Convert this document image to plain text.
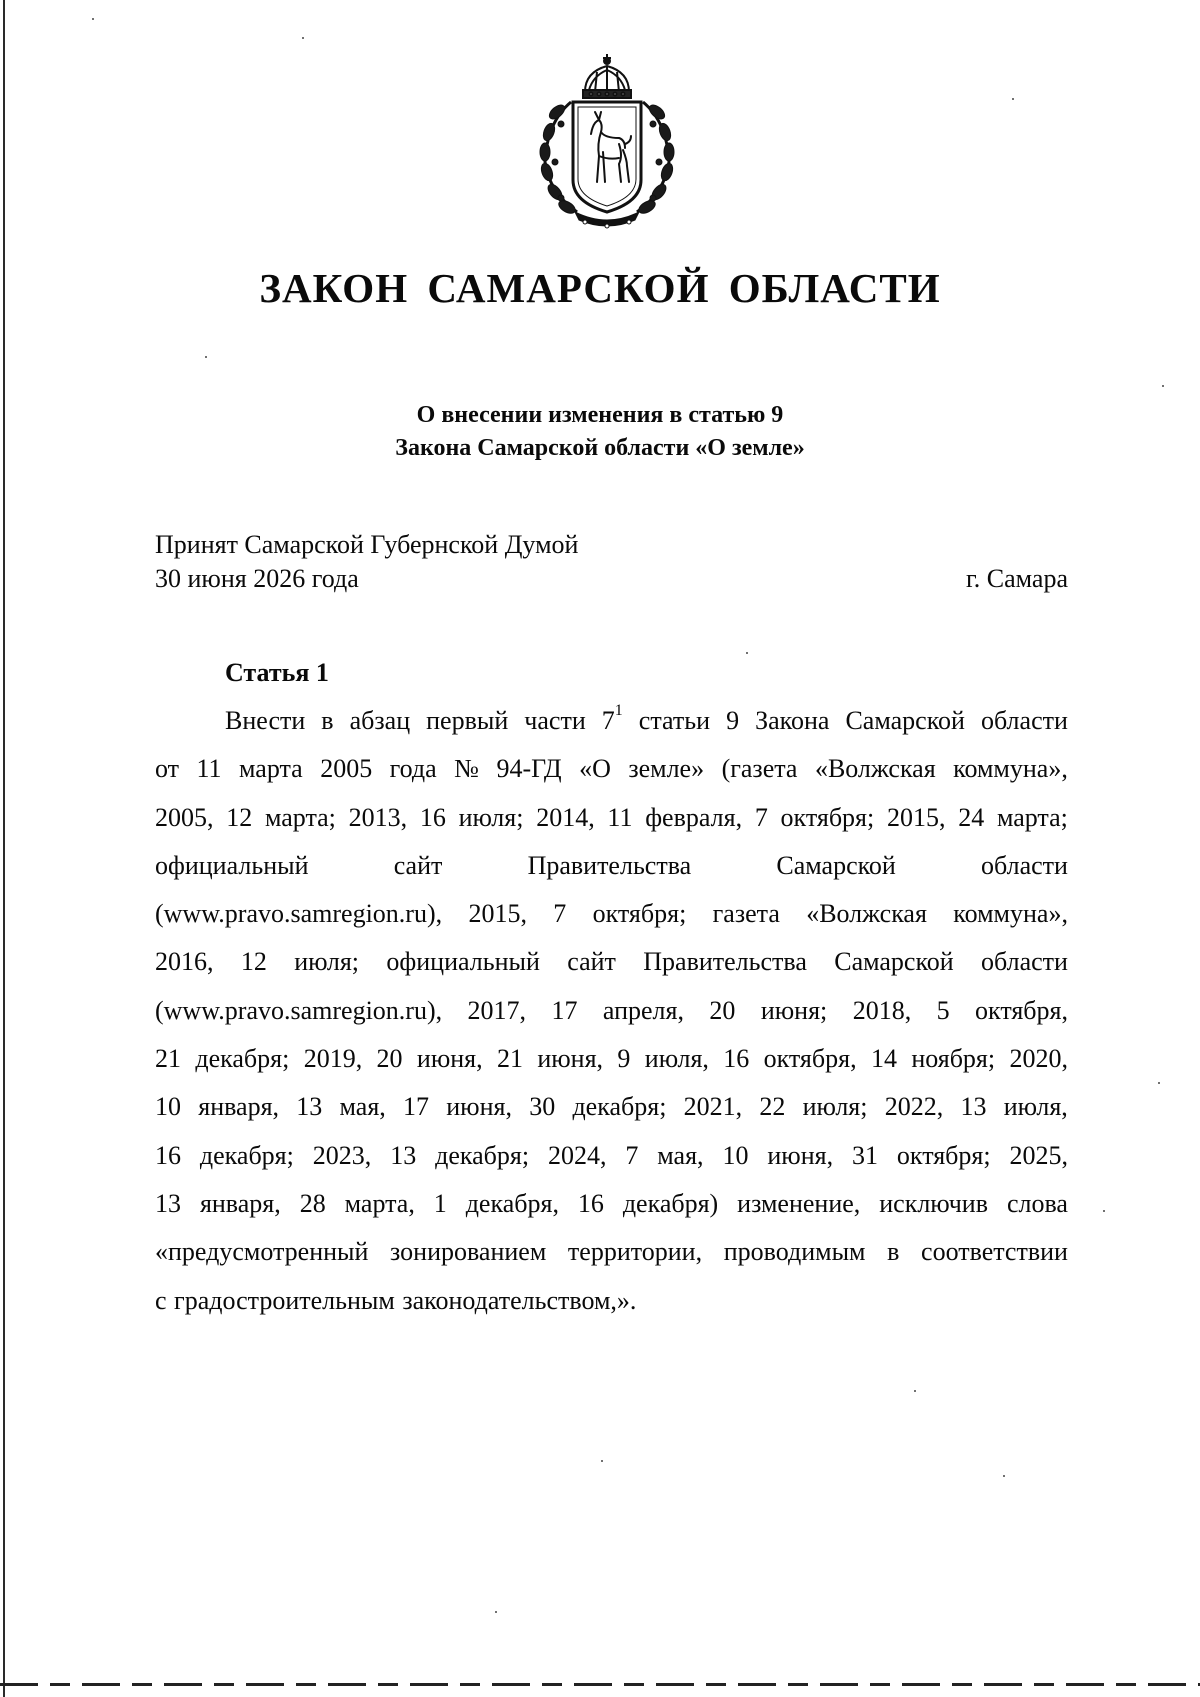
ЗАКОН САМАРСКОЙ ОБЛАСТИ
О внесении изменения в статью 9
Закона Самарской области «О земле»
Принят Самарской Губернской Думой
30 июня 2026 года	г. Самара
Статья 1
Внести в абзац первый части $7^1$ статьи 9 Закона Самарской области
от 11 марта 2005 года № 94-ГД «О земле» (газета «Волжская коммуна»,
2005, 12 марта; 2013, 16 июля; 2014, 11 февраля, 7 октября; 2015, 24 марта;
официальный	сайт	Правительства	Самарской	области
(www.pravo.samregion.ru), 2015, 7 октября; газета «Волжская коммуна»,
2016, 12 июля; официальный сайт Правительства Самарской области
(www.pravo.samregion.ru), 2017, 17 апреля, 20 июня; 2018, 5 октября,
21 декабря; 2019, 20 июня, 21 июня, 9 июля, 16 октября, 14 ноября; 2020,
10 января, 13 мая, 17 июня, 30 декабря; 2021, 22 июля; 2022, 13 июля,
16 декабря; 2023, 13 декабря; 2024, 7 мая, 10 июня, 31 октября; 2025,
13 января, 28 марта, 1 декабря, 16 декабря) изменение, исключив слова
«предусмотренный зонированием территории, проводимым в соответствии
с градостроительным законодательством,».
